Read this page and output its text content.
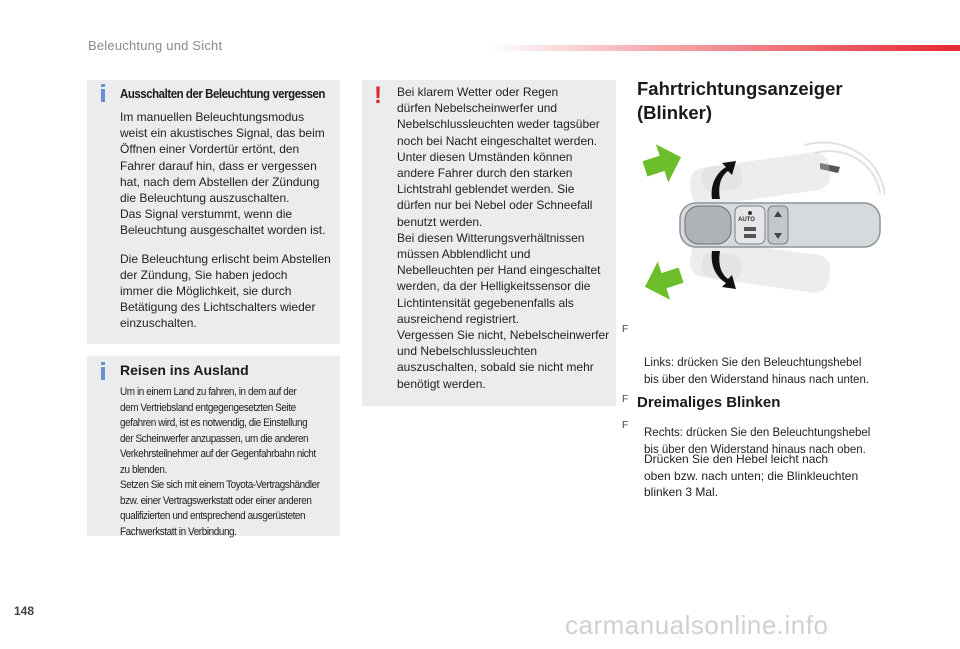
Beleuchtung und Sicht
Ausschalten der Beleuchtung vergessen

Im manuellen Beleuchtungsmodus
weist ein akustisches Signal, das beim
Öffnen einer Vordertür ertönt, den
Fahrer darauf hin, dass er vergessen
hat, nach dem Abstellen der Zündung
die Beleuchtung auszuschalten.
Das Signal verstummt, wenn die
Beleuchtung ausgeschaltet worden ist.

Die Beleuchtung erlischt beim Abstellen
der Zündung, Sie haben jedoch
immer die Möglichkeit, sie durch
Betätigung des Lichtschalters wieder
einzuschalten.

Reisen ins Ausland

Um in einem Land zu fahren, in dem auf der
dem Vertriebsland entgegengesetzten Seite
gefahren wird, ist es notwendig, die Einstellung
der Scheinwerfer anzupassen, um die anderen
Verkehrsteilnehmer auf der Gegenfahrbahn nicht
zu blenden.
Setzen Sie sich mit einem Toyota-Vertragshändler
bzw. einer Vertragswerkstatt oder einer anderen
qualifizierten und entsprechend ausgerüsteten
Fachwerkstatt in Verbindung.

! Bei klarem Wetter oder Regen
dürfen Nebelscheinwerfer und
Nebelschlussleuchten weder tagsüber
noch bei Nacht eingeschaltet werden.
Unter diesen Umständen können
andere Fahrer durch den starken
Lichtstrahl geblendet werden. Sie
dürfen nur bei Nebel oder Schneefall
benutzt werden.
Bei diesen Witterungsverhältnissen
müssen Abblendlicht und
Nebelleuchten per Hand eingeschaltet
werden, da der Helligkeitssensor die
Lichtintensität gegebenenfalls als
ausreichend registriert.
Vergessen Sie nicht, Nebelscheinwerfer
und Nebelschlussleuchten
auszuschalten, sobald sie nicht mehr
benötigt werden.

Fahrtrichtungsanzeiger
(Blinker)
AUTO

F

Links: drücken Sie den Beleuchtungshebel
bis über den Widerstand hinaus nach unten.

F

Rechts: drücken Sie den Beleuchtungshebel
bis über den Widerstand hinaus nach oben.

Dreimaliges Blinken

F

Drücken Sie den Hebel leicht nach
oben bzw. nach unten; die Blinkleuchten
blinken 3 Mal.

148	carmanualsonline.info
